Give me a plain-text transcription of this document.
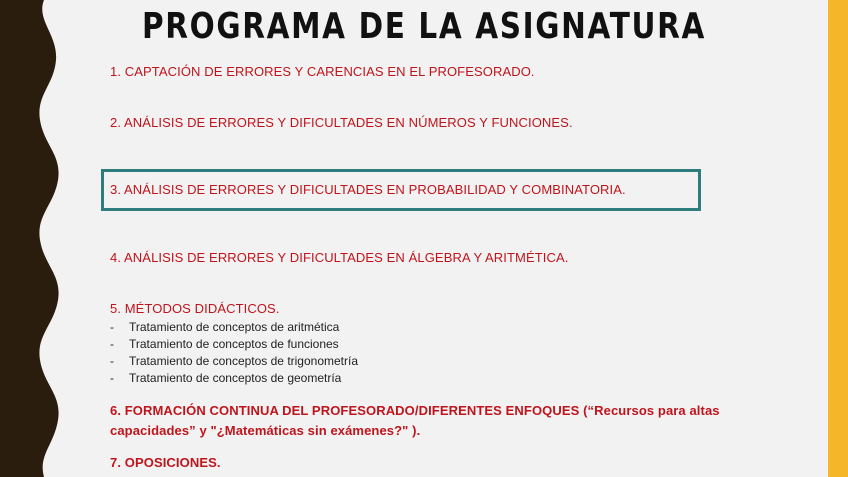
PROGRAMA DE LA ASIGNATURA
1. CAPTACIÓN DE ERRORES Y CARENCIAS EN EL PROFESORADO.
2. ANÁLISIS DE ERRORES Y DIFICULTADES EN NÚMEROS Y FUNCIONES.
3. ANÁLISIS DE ERRORES Y DIFICULTADES EN PROBABILIDAD Y COMBINATORIA.
4. ANÁLISIS DE ERRORES Y DIFICULTADES EN ÁLGEBRA Y ARITMÉTICA.
5. MÉTODOS DIDÁCTICOS.
-	Tratamiento de conceptos de aritmética
-	Tratamiento de conceptos de funciones
-	Tratamiento de conceptos de trigonometría
-	Tratamiento de conceptos de geometría
6. FORMACIÓN CONTINUA DEL PROFESORADO/DIFERENTES ENFOQUES (“Recursos para altas capacidades” y "¿Matemáticas sin exámenes?" ).
7. OPOSICIONES.
